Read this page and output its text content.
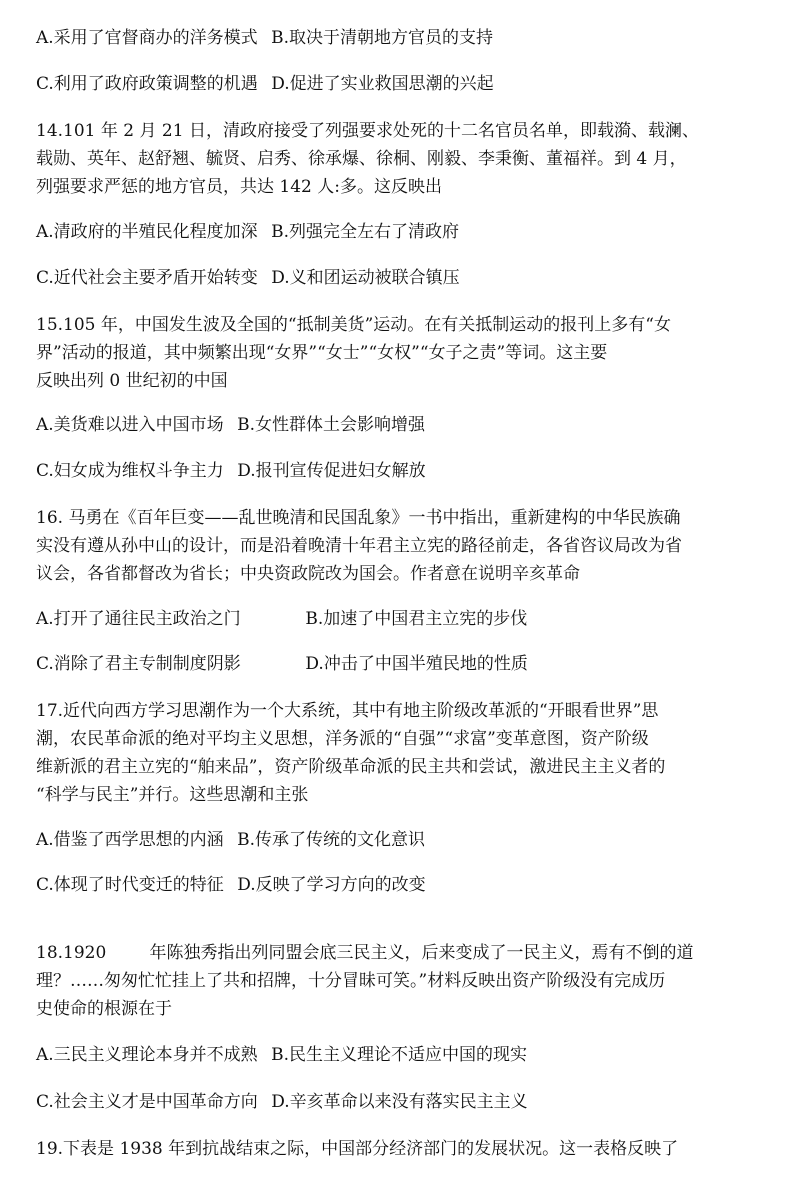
A.采用了官督商办的洋务模式 B.取决于清朝地方官员的支持
C.利用了政府政策调整的机遇 D.促进了实业救国思潮的兴起
14.101 年 2 月 21 日，清政府接受了列强要求处死的十二名官员名单，即载漪、载澜、
载勋、英年、赵舒翘、毓贤、启秀、徐承爆、徐桐、刚毅、李秉衡、董福祥。到 4 月，
列强要求严惩的地方官员，共达 142 人:多。这反映出
A.清政府的半殖民化程度加深 B.列强完全左右了清政府
C.近代社会主要矛盾开始转变 D.义和团运动被联合镇压
15.105 年，中国发生波及全国的“抵制美货”运动。在有关抵制运动的报刊上多有“女
界”活动的报道，其中频繁出现“女界”“女士”“女权”“女子之责”等词。这主要
反映出列 0 世纪初的中国
A.美货难以进入中国市场 B.女性群体土会影响增强
C.妇女成为维权斗争主力 D.报刊宣传促进妇女解放
16. 马勇在《百年巨变——乱世晚清和民国乱象》一书中指出，重新建构的中华民族确
实没有遵从孙中山的设计，而是沿着晚清十年君主立宪的路径前走，各省咨议局改为省
议会，各省都督改为省长；中央资政院改为国会。作者意在说明辛亥革命
A.打开了通往民主政治之门	B.加速了中国君主立宪的步伐
C.消除了君主专制制度阴影	D.冲击了中国半殖民地的性质
17.近代向西方学习思潮作为一个大系统，其中有地主阶级改革派的“开眼看世界”思
潮，农民革命派的绝对平均主义思想，洋务派的“自强”“求富”变革意图，资产阶级
维新派的君主立宪的“舶来品”，资产阶级革命派的民主共和尝试，激进民主主义者的
“科学与民主”并行。这些思潮和主张
A.借鉴了西学思想的内涵 B.传承了传统的文化意识
C.体现了时代变迁的特征 D.反映了学习方向的改变
18.1920        年陈独秀指出列同盟会底三民主义，后来变成了一民主义，焉有不倒的道
理？……匆匆忙忙挂上了共和招牌，十分冒昧可笑。”材料反映出资产阶级没有完成历
史使命的根源在于
A.三民主义理论本身并不成熟 B.民生主义理论不适应中国的现实
C.社会主义才是中国革命方向 D.辛亥革命以来没有落实民主主义
19.下表是 1938 年到抗战结束之际，中国部分经济部门的发展状况。这一表格反映了
